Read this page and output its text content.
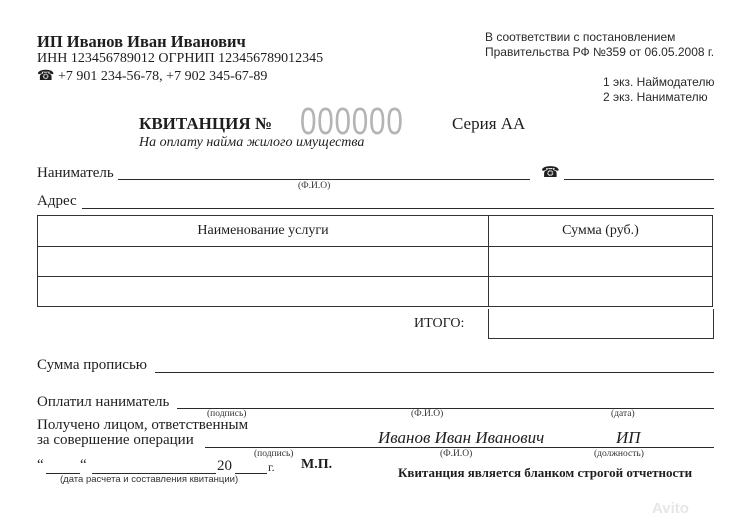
ИП Иванов Иван Иванович
ИНН 123456789012 ОГРНИП 123456789012345
☎ +7 901 234-56-78, +7 902 345-67-89
В соответствии с постановлением
Правительства РФ №359 от 06.05.2008 г.
1 экз. Наймодателю
2 экз. Нанимателю
КВИТАНЦИЯ № 000000	Серия АА
На оплату найма жилого имущества
Наниматель
(Ф.И.О)
☎
Адрес
Наименование услуги	Сумма (руб.)

ИТОГО:
Сумма прописью
Оплатил наниматель
(подпись)	(Ф.И.О)	(дата)
Получено лицом, ответственным
за совершение операции	Иванов Иван Иванович	ИП
(подпись)	(Ф.И.О)	(должность)
“ “	20	г.
(дата расчета и составления квитанции)
М.П.
Квитанция является бланком строгой отчетности
Avito
